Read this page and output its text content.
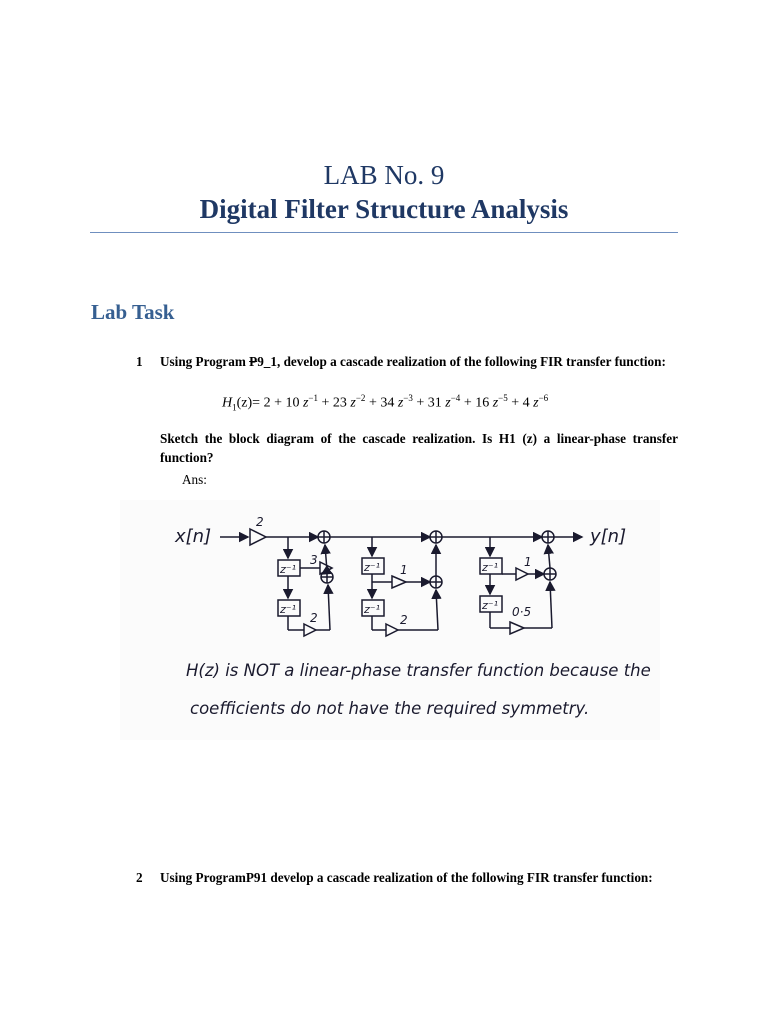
LAB No. 9
Digital Filter Structure Analysis
Lab Task
1 Using Program P9_1, develop a cascade realization of the following FIR transfer function:
$H_1(z)= 2 + 10$ $z^{-1} + 23$ $z^{-2} + 34$ $z^{-3} + 31$ $z^{-4} + 16$ $z^{-5} + 4$ $z^{-6}$
Sketch the block diagram of the cascade realization. Is H1 (z) a linear-phase transfer function?
Ans:
x[n]
2
y[n]
z⁻¹
3
z⁻¹
2
z⁻¹ 1
z⁻¹
2
z⁻¹ 1
z⁻¹ 0·5
H(z) is NOT a linear-phase transfer function because the
coefficients do not have the required symmetry.
2 Using ProgramP91 develop a cascade realization of the following FIR transfer function:
